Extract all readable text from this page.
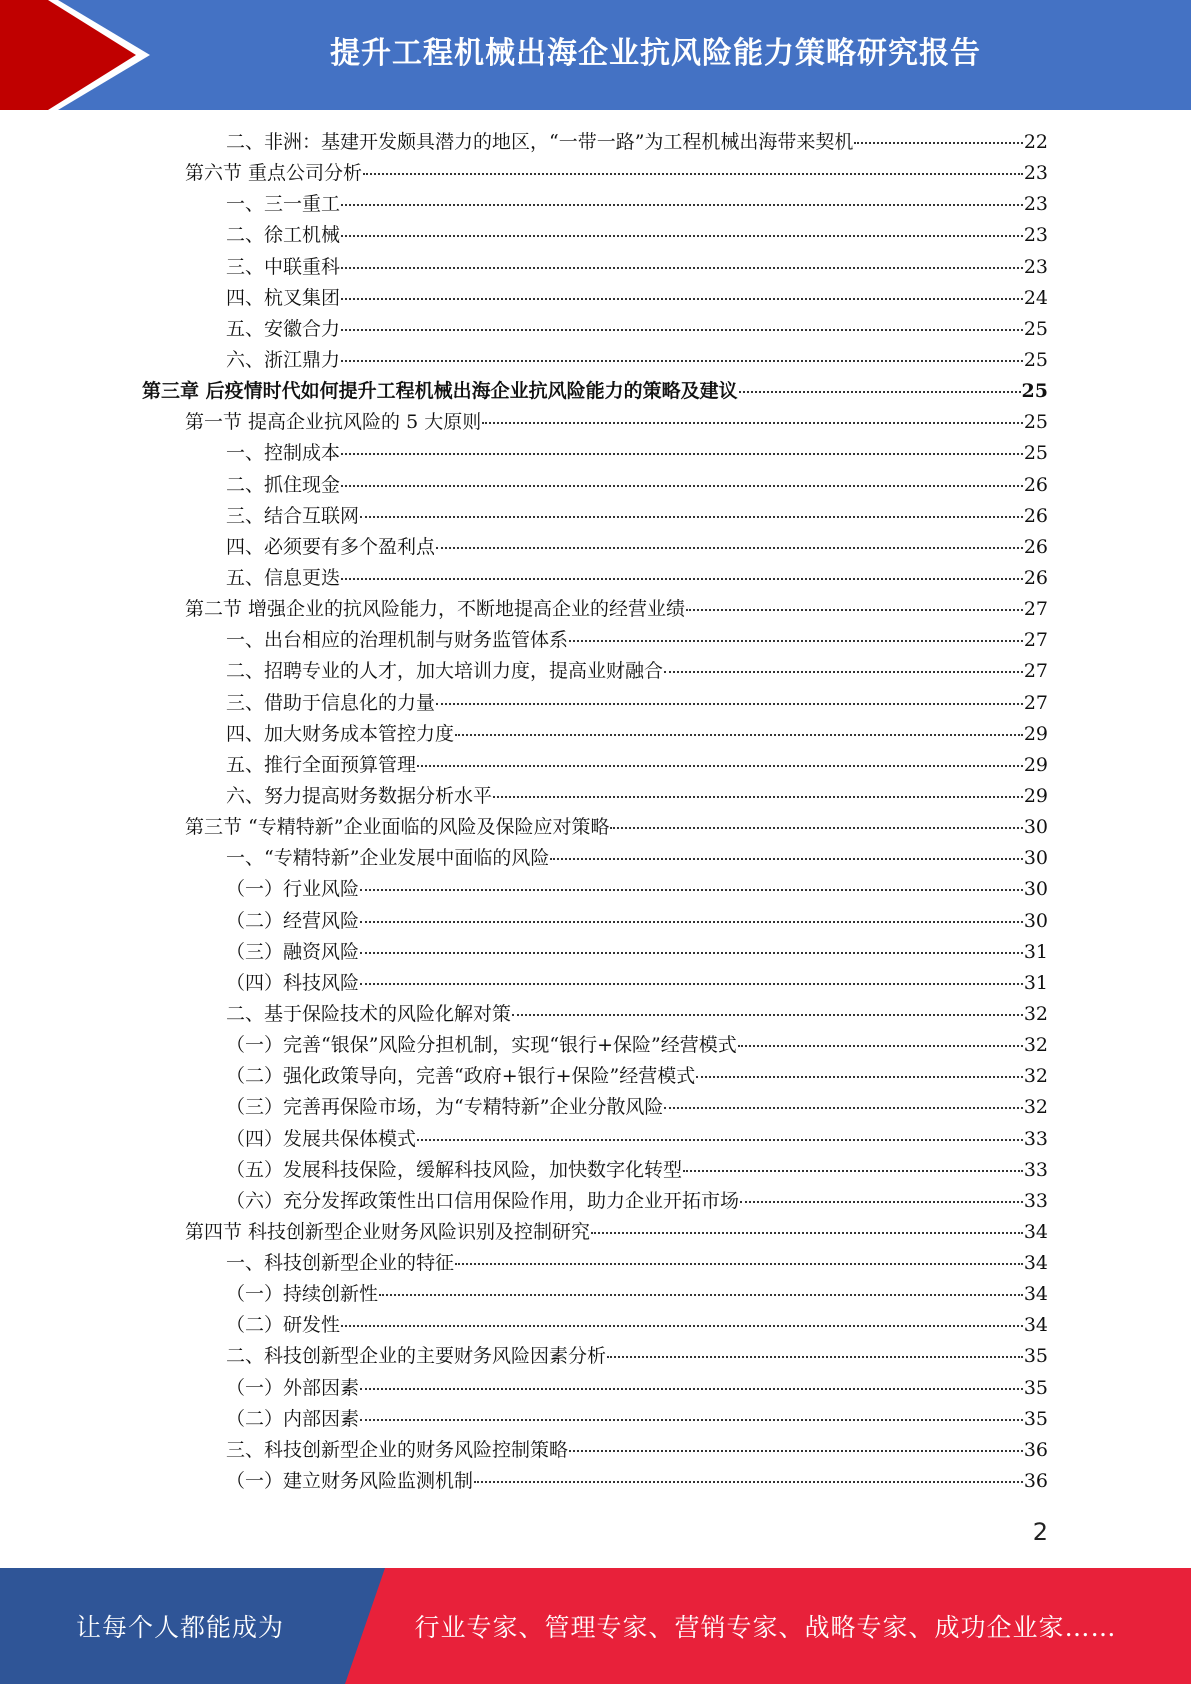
提升工程机械出海企业抗风险能力策略研究报告
二、非洲：基建开发颇具潜力的地区，“一带一路”为工程机械出海带来契机	22
第六节 重点公司分析	23
一、三一重工	23
二、徐工机械	23
三、中联重科	23
四、杭叉集团	24
五、安徽合力	25
六、浙江鼎力	25
第三章 后疫情时代如何提升工程机械出海企业抗风险能力的策略及建议	25
第一节 提高企业抗风险的 5 大原则	25
一、控制成本	25
二、抓住现金	26
三、结合互联网	26
四、必须要有多个盈利点	26
五、信息更迭	26
第二节 增强企业的抗风险能力，不断地提高企业的经营业绩	27
一、出台相应的治理机制与财务监管体系	27
二、招聘专业的人才，加大培训力度，提高业财融合	27
三、借助于信息化的力量	27
四、加大财务成本管控力度	29
五、推行全面预算管理	29
六、努力提高财务数据分析水平	29
第三节 “专精特新”企业面临的风险及保险应对策略	30
一、“专精特新”企业发展中面临的风险	30
（一）行业风险	30
（二）经营风险	30
（三）融资风险	31
（四）科技风险	31
二、基于保险技术的风险化解对策	32
（一）完善“银保”风险分担机制，实现“银行+保险”经营模式	32
（二）强化政策导向，完善“政府+银行+保险”经营模式	32
（三）完善再保险市场，为“专精特新”企业分散风险	32
（四）发展共保体模式	33
（五）发展科技保险，缓解科技风险，加快数字化转型	33
（六）充分发挥政策性出口信用保险作用，助力企业开拓市场	33
第四节 科技创新型企业财务风险识别及控制研究	34
一、科技创新型企业的特征	34
（一）持续创新性	34
（二）研发性	34
二、科技创新型企业的主要财务风险因素分析	35
（一）外部因素	35
（二）内部因素	35
三、科技创新型企业的财务风险控制策略	36
（一）建立财务风险监测机制	36
2
让每个人都能成为	行业专家、管理专家、营销专家、战略专家、成功企业家……
